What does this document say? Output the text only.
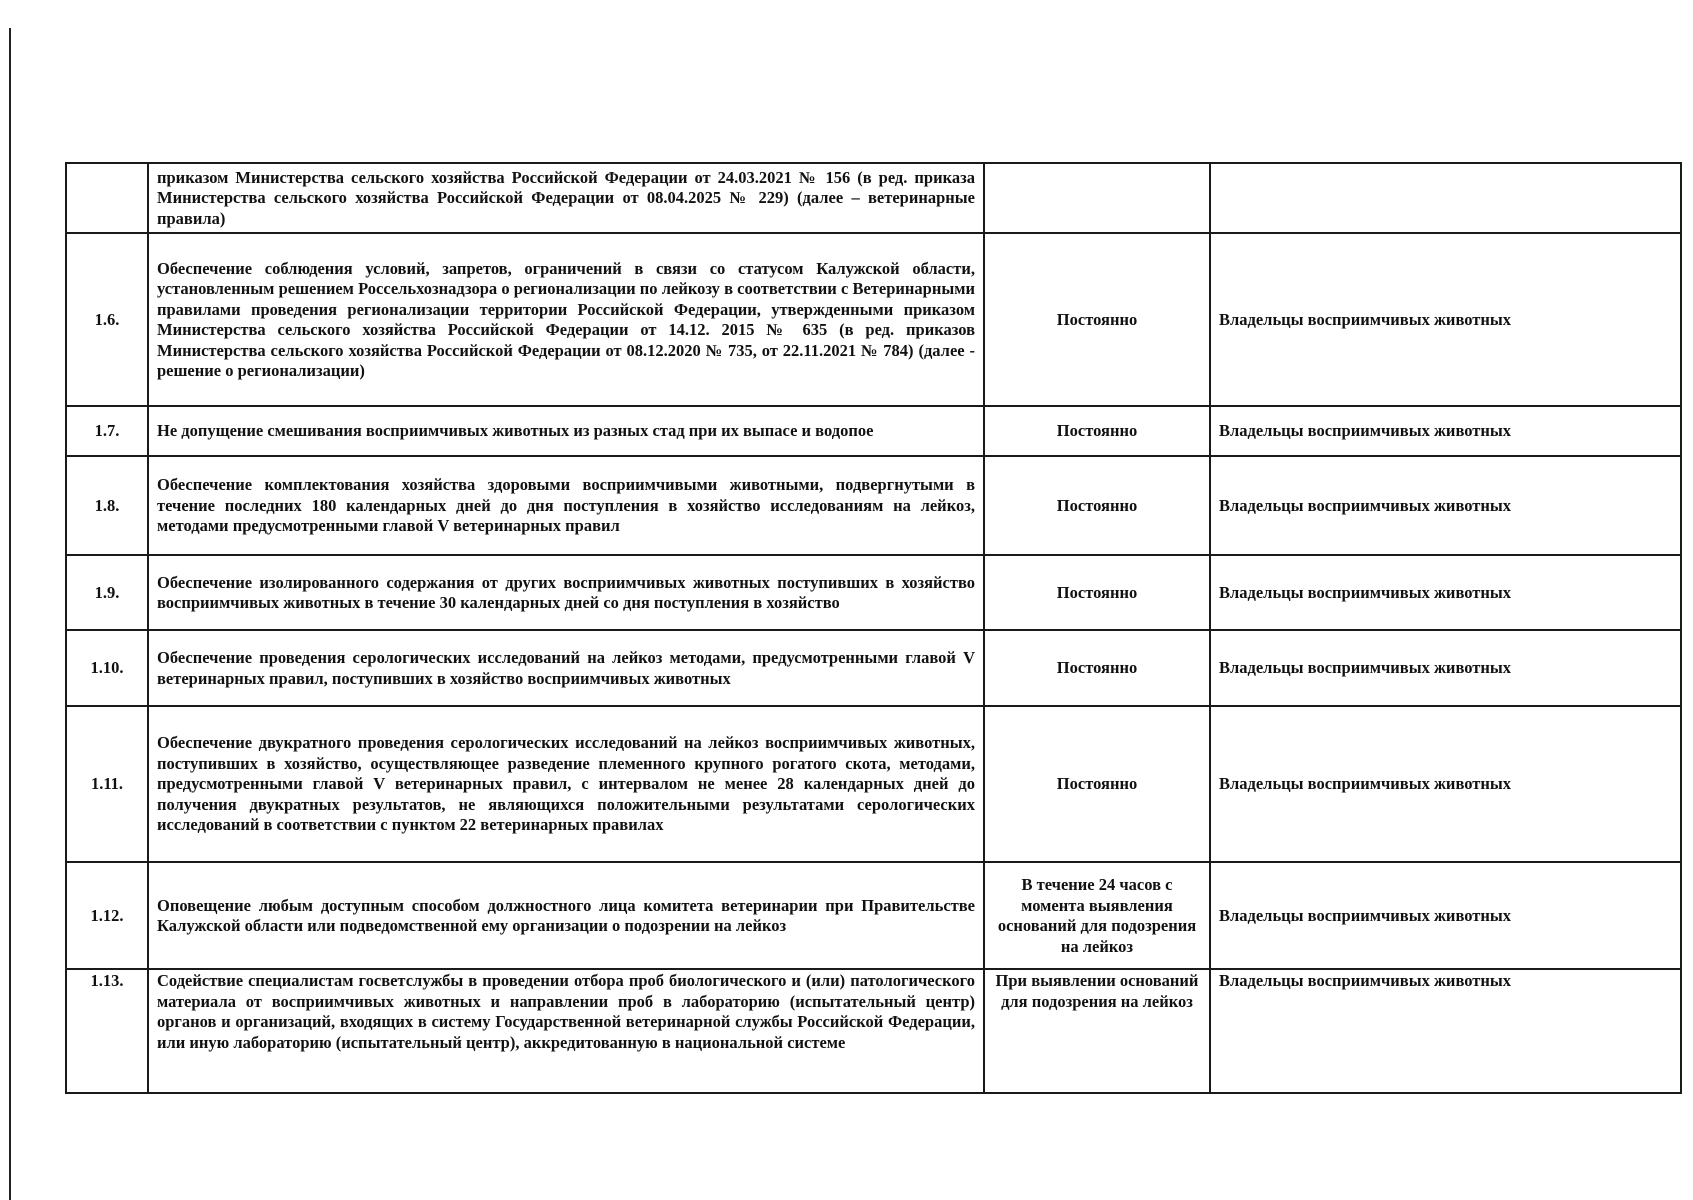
	приказом Министерства сельского хозяйства Российской Федерации от 24.03.2021 № 156 (в ред. приказа Министерства сельского хозяйства Российской Федерации от 08.04.2025 № 229) (далее – ветеринарные правила)		
1.6.	Обеспечение соблюдения условий, запретов, ограничений в связи со статусом Калужской области, установленным решением Россельхознадзора о регионализации по лейкозу в соответствии с Ветеринарными правилами проведения регионализации территории Российской Федерации, утвержденными приказом Министерства сельского хозяйства Российской Федерации от 14.12. 2015 № 635 (в ред. приказов Министерства сельского хозяйства Российской Федерации от 08.12.2020 № 735, от 22.11.2021 № 784) (далее - решение о регионализации)	Постоянно	Владельцы восприимчивых животных
1.7.	Не допущение смешивания восприимчивых животных из разных стад при их выпасе и водопое	Постоянно	Владельцы восприимчивых животных
1.8.	Обеспечение комплектования хозяйства здоровыми восприимчивыми животными, подвергнутыми в течение последних 180 календарных дней до дня поступления в хозяйство исследованиям на лейкоз, методами предусмотренными главой V ветеринарных правил	Постоянно	Владельцы восприимчивых животных
1.9.	Обеспечение изолированного содержания от других восприимчивых животных поступивших в хозяйство восприимчивых животных в течение 30 календарных дней со дня поступления в хозяйство	Постоянно	Владельцы восприимчивых животных
1.10.	Обеспечение проведения серологических исследований на лейкоз методами, предусмотренными главой V ветеринарных правил, поступивших в хозяйство восприимчивых животных	Постоянно	Владельцы восприимчивых животных
1.11.	Обеспечение двукратного проведения серологических исследований на лейкоз восприимчивых животных, поступивших в хозяйство, осуществляющее разведение племенного крупного рогатого скота, методами, предусмотренными главой V ветеринарных правил, с интервалом не менее 28 календарных дней до получения двукратных результатов, не являющихся положительными результатами серологических исследований в соответствии с пунктом 22 ветеринарных правилах	Постоянно	Владельцы восприимчивых животных
1.12.	Оповещение любым доступным способом должностного лица комитета ветеринарии при Правительстве Калужской области или подведомственной ему организации о подозрении на лейкоз	В течение 24 часов с момента выявления оснований для подозрения на лейкоз	Владельцы восприимчивых животных
1.13.	Содействие специалистам госветслужбы в проведении отбора проб биологического и (или) патологического материала от восприимчивых животных и направлении проб в лабораторию (испытательный центр) органов и организаций, входящих в систему Государственной ветеринарной службы Российской Федерации, или иную лабораторию (испытательный центр), аккредитованную в национальной системе	При выявлении оснований для подозрения на лейкоз	Владельцы восприимчивых животных
